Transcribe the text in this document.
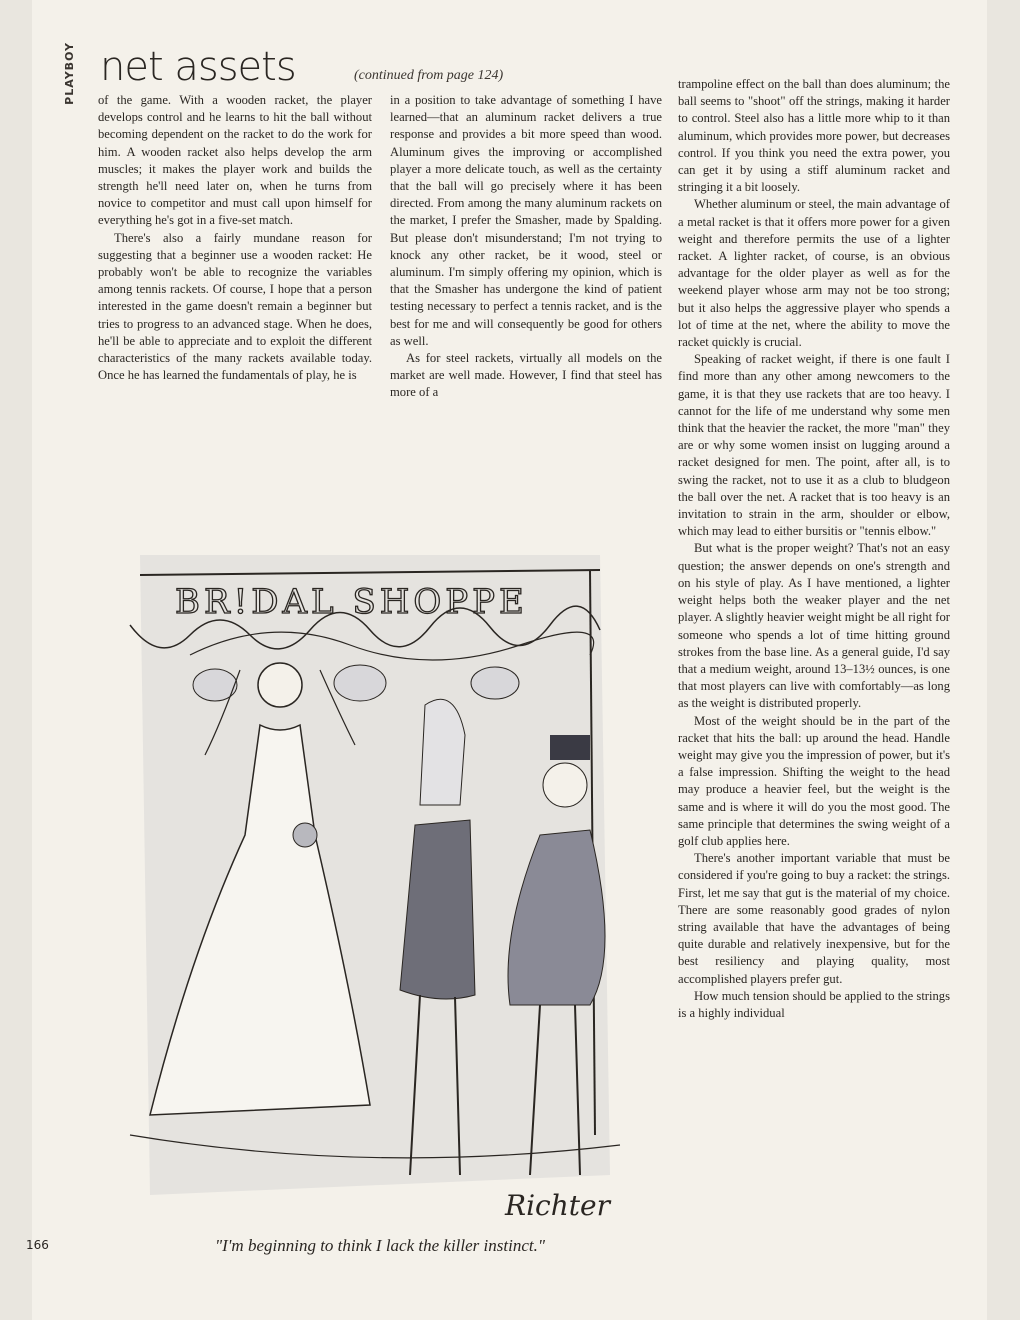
PLAYBOY net assets	(continued from page 124)

of the game. With a wooden racket, the player develops control and he learns to hit the ball without becoming dependent on the racket to do the work for him. A wooden racket also helps develop the arm muscles; it makes the player work and builds the strength he'll need later on, when he turns from novice to competitor and must call upon himself for everything he's got in a five-set match.

There's also a fairly mundane reason for suggesting that a beginner use a wooden racket: He probably won't be able to recognize the variables among tennis rackets. Of course, I hope that a person interested in the game doesn't remain a beginner but tries to progress to an advanced stage. When he does, he'll be able to appreciate and to exploit the different characteristics of the many rackets available today. Once he has learned the fundamentals of play, he is

in a position to take advantage of something I have learned—that an aluminum racket delivers a true response and provides a bit more speed than wood. Aluminum gives the improving or accomplished player a more delicate touch, as well as the certainty that the ball will go precisely where it has been directed. From among the many aluminum rackets on the market, I prefer the Smasher, made by Spalding. But please don't misunderstand; I'm not trying to knock any other racket, be it wood, steel or aluminum. I'm simply offering my opinion, which is that the Smasher has undergone the kind of patient testing necessary to perfect a tennis racket, and is the best for me and will consequently be good for others as well.

As for steel rackets, virtually all models on the market are well made. However, I find that steel has more of a

trampoline effect on the ball than does aluminum; the ball seems to "shoot" off the strings, making it harder to control. Steel also has a little more whip to it than aluminum, which provides more power, but decreases control. If you think you need the extra power, you can get it by using a stiff aluminum racket and stringing it a bit loosely.

Whether aluminum or steel, the main advantage of a metal racket is that it offers more power for a given weight and therefore permits the use of a lighter racket. A lighter racket, of course, is an obvious advantage for the older player as well as for the weekend player whose arm may not be too strong; but it also helps the aggressive player who spends a lot of time at the net, where the ability to move the racket quickly is crucial.

Speaking of racket weight, if there is one fault I find more than any other among newcomers to the game, it is that they use rackets that are too heavy. I cannot for the life of me understand why some men think that the heavier the racket, the more "man" they are or why some women insist on lugging around a racket designed for men. The point, after all, is to swing the racket, not to use it as a club to bludgeon the ball over the net. A racket that is too heavy is an invitation to strain in the arm, shoulder or elbow, which may lead to either bursitis or "tennis elbow."

But what is the proper weight? That's not an easy question; the answer depends on one's strength and on his style of play. As I have mentioned, a lighter weight helps both the weaker player and the net player. A slightly heavier weight might be all right for someone who spends a lot of time hitting ground strokes from the base line. As a general guide, I'd say that a medium weight, around 13–13½ ounces, is one that most players can live with comfortably—as long as the weight is distributed properly.

Most of the weight should be in the part of the racket that hits the ball: up around the head. Handle weight may give you the impression of power, but it's a false impression. Shifting the weight to the head may produce a heavier feel, but the weight is the same and is where it will do you the most good. The same principle that determines the swing weight of a golf club applies here.

There's another important variable that must be considered if you're going to buy a racket: the strings. First, let me say that gut is the material of my choice. There are some reasonably good grades of nylon string available that have the advantages of being quite durable and relatively inexpensive, but for the best resiliency and playing quality, most accomplished players prefer gut.

How much tension should be applied to the strings is a highly individual

BR!DAL SHOPPE
Richter
"I'm beginning to think I lack the killer instinct."
166
